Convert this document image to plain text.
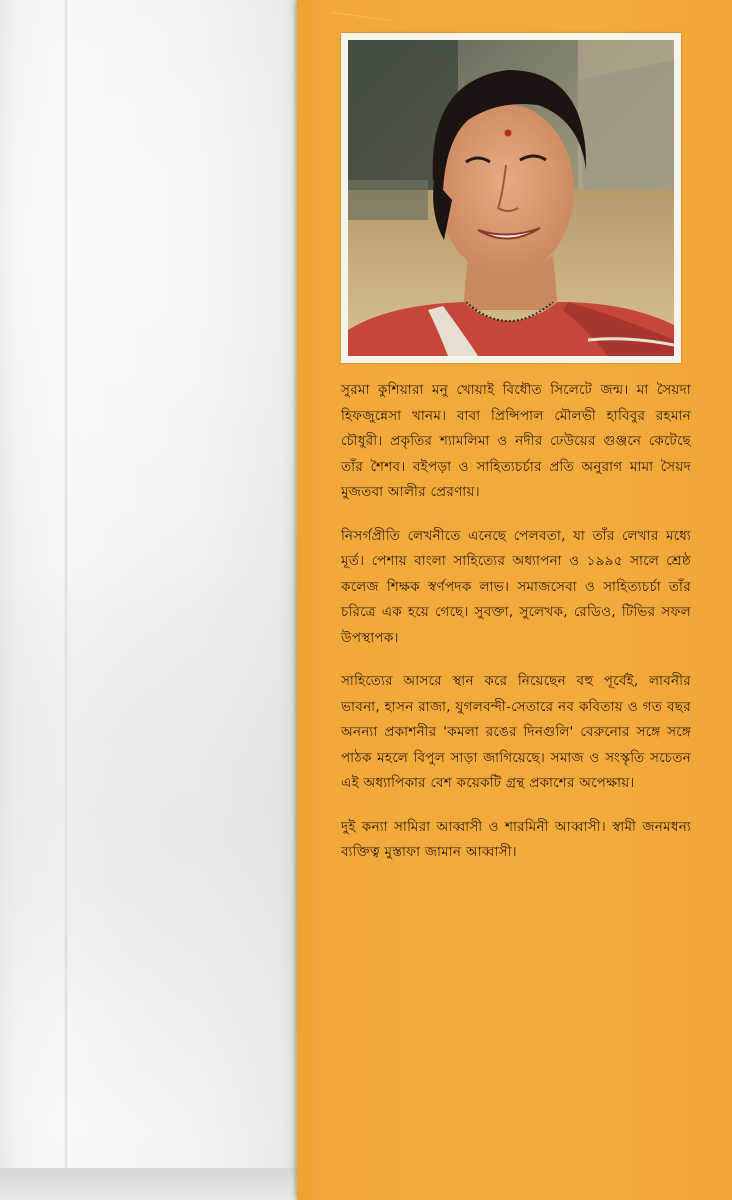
সুরমা কুশিয়ারা মনু খোয়াই বিধৌত সিলেটে জন্ম। মা সৈয়দা হিফজুন্নেসা খানম। বাবা প্রিন্সিপাল মৌলভী হাবিবুর রহমান চৌধুরী। প্রকৃতির শ্যামলিমা ও নদীর ঢেউয়ের গুঞ্জনে কেটেছে তাঁর শৈশব। বইপড়া ও সাহিত্যচর্চার প্রতি অনুরাগ মামা সৈয়দ মুজতবা আলীর প্রেরণায়।

নিসর্গপ্রীতি লেখনীতে এনেছে পেলবতা, যা তাঁর লেখার মধ্যে মূর্ত। পেশায় বাংলা সাহিত্যের অধ্যাপনা ও ১৯৯৫ সালে শ্রেষ্ঠ কলেজ শিক্ষক স্বর্ণপদক লাভ। সমাজসেবা ও সাহিত্যচর্চা তাঁর চরিত্রে এক হয়ে গেছে। সুবক্তা, সুলেখক, রেডিও, টিভির সফল উপস্থাপক।

সাহিত্যের আসরে স্থান করে নিয়েছেন বহু পূর্বেই, লাবনীর ভাবনা, হাসন রাজা, যুগলবন্দী-সেতারে নব কবিতায় ও গত বছর অনন্যা প্রকাশনীর 'কমলা রঙের দিনগুলি' বেরুনোর সঙ্গে সঙ্গে পাঠক মহলে বিপুল সাড়া জাগিয়েছে। সমাজ ও সংস্কৃতি সচেতন এই অধ্যাপিকার বেশ কয়েকটি গ্রন্থ প্রকাশের অপেক্ষায়।

দুই কন্যা সামিরা আব্বাসী ও শারমিনী আব্বাসী। স্বামী জনমধন্য ব্যক্তিত্ব মুস্তাফা জামান আব্বাসী।
